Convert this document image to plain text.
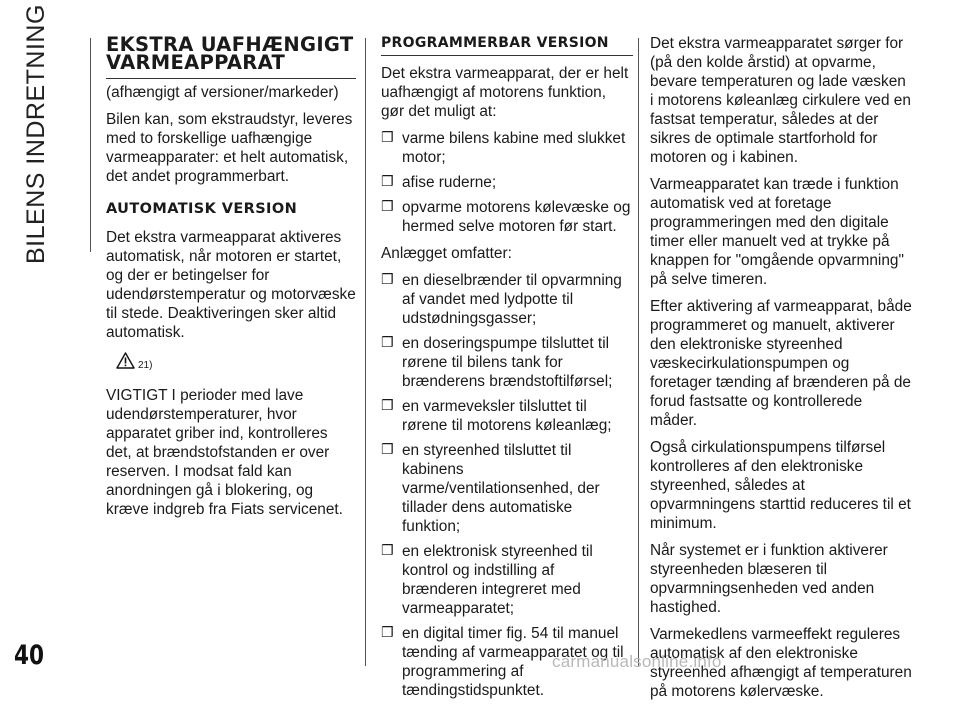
BILENS INDRETNING	EKSTRA UAFHÆNGIGT VARMEAPPARAT

(afhængigt af versioner/markeder)

Bilen kan, som ekstraudstyr, leveres med to forskellige uafhængige varmeapparater: et helt automatisk, det andet programmerbart.

AUTOMATISK VERSION

Det ekstra varmeapparat aktiveres automatisk, når motoren er startet, og der er betingelser for udendørstemperatur og motorvæske til stede. Deaktiveringen sker altid automatisk.

21)

VIGTIGT I perioder med lave udendørstemperaturer, hvor apparatet griber ind, kontrolleres det, at brændstofstanden er over reserven. I modsat fald kan anordningen gå i blokering, og kræve indgreb fra Fiats servicenet.

PROGRAMMERBAR VERSION

Det ekstra varmeapparat, der er helt uafhængigt af motorens funktion, gør det muligt at:

❒ varme bilens kabine med slukket motor;
❒ afise ruderne;
❒ opvarme motorens kølevæske og hermed selve motoren før start.

Anlægget omfatter:

❒ en dieselbrænder til opvarmning af vandet med lydpotte til udstødningsgasser;
❒ en doseringspumpe tilsluttet til rørene til bilens tank for brænderens brændstoftilførsel;
❒ en varmeveksler tilsluttet til rørene til motorens køleanlæg;
❒ en styreenhed tilsluttet til kabinens varme/ventilationsenhed, der tillader dens automatiske funktion;
❒ en elektronisk styreenhed til kontrol og indstilling af brænderen integreret med varmeapparatet;
❒ en digital timer fig. 54 til manuel tænding af varmeapparatet og til programmering af tændingstidspunktet.

Det ekstra varmeapparatet sørger for (på den kolde årstid) at opvarme, bevare temperaturen og lade væsken i motorens køleanlæg cirkulere ved en fastsat temperatur, således at der sikres de optimale startforhold for motoren og i kabinen.

Varmeapparatet kan træde i funktion automatisk ved at foretage programmeringen med den digitale timer eller manuelt ved at trykke på knappen for "omgående opvarmning" på selve timeren.

Efter aktivering af varmeapparat, både programmeret og manuelt, aktiverer den elektroniske styreenhed væskecirkulationspumpen og foretager tænding af brænderen på de forud fastsatte og kontrollerede måder.

Også cirkulationspumpens tilførsel kontrolleres af den elektroniske styreenhed, således at opvarmningens starttid reduceres til et minimum.

Når systemet er i funktion aktiverer styreenheden blæseren til opvarmningsenheden ved anden hastighed.

Varmekedlens varmeeffekt reguleres automatisk af den elektroniske styreenhed afhængigt af temperaturen på motorens kølervæske.

40	carmanualsonline.info
